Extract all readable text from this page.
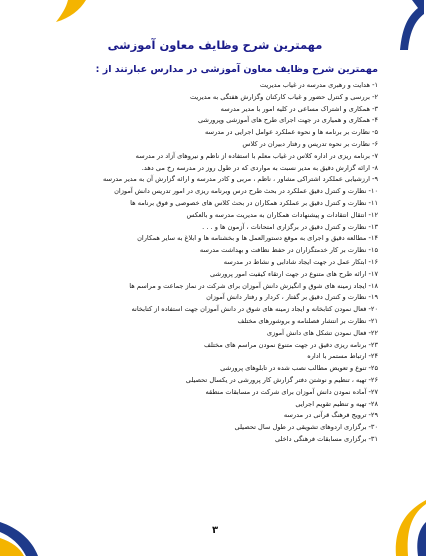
مهمترین شرح وظایف معاون آموزشی
مهمترین شرح وظایف معاون آموزشی در مدارس عبارتند از :
۱- هدایت و رهبری مدرسه در غیاب مدیریت
۲- بررسی و کنترل حضور و غیاب کارکنان وگزارش هفتگی به مدیریت
۳- همکاری و اشتراک مساعی در کلیه امور با مدیر مدرسه
۴- همکاری و همیاری در جهت اجرای طرح های آموزشی وپرورشی
۵- نظارت بر برنامه ها و نحوه عملکرد عوامل اجرایی در مدرسه
۶- نظارت بر نحوه تدریس و رفتار دبیران در کلاس
۷- برنامه ریزی در اداره کلاس در غیاب معلم با استفاده از ناظم و نیروهای آزاد در مدرسه
۸- ارائه گزارش دقیق به مدیر نسبت به مواردی که در طول روز در مدرسه رخ می دهد.
۹- ارزشیابی عملکرد اشتراکی مشاور ، ناظم ، مربی و کادر مدرسه و ارائه گزارش آن به مدیر مدرسه
۱۰- نظارت و کنترل دقیق عملکرد در بحث طرح درس وبرنامه ریزی در امور تدریس دانش آموزان
۱۱- نظارت و کنترل دقیق بر عملکرد همکاران در بحث کلاس های خصوصی و فوق برنامه ها
۱۲- انتقال انتقادات و پیشنهادات همکاران به مدیریت مدرسه و بالعکس
۱۳- نظارت و کنترل دقیق در برگزاری امتحانات ، آزمون ها و . . .
۱۴- مطالعه دقیق و اجرای به موقع دستورالعمل ها و بخشنامه ها و ابلاغ به سایر همکاران
۱۵- نظارت بر کار خدمتگزاران در حفظ نظافت و بهداشت مدرسه
۱۶- ابتکار عمل در جهت ایجاد شادابی و نشاط در مدرسه
۱۷- ارائه طرح های متنوع در جهت ارتقاء کیفیت امور پرورشی
۱۸- ایجاد زمینه های شوق و انگیزش دانش آموزان برای شرکت در نماز جماعت و مراسم ها
۱۹- نظارت و کنترل دقیق بر گفتار ، کردار و رفتار دانش آموزان
۲۰- فعال نمودن کتابخانه و ایجاد زمینه های شوق در دانش آموزان جهت استفاده از کتابخانه
۲۱- نظارت بر انتشار فصلنامه و بروشورهای مختلف
۲۲- فعال نمودن تشکل های دانش آموزی
۲۳- برنامه ریزی دقیق در جهت متنوع نمودن مراسم های مختلف
۲۴- ارتباط مستمر با اداره
۲۵- تنوع و تعویض مطالب نصب شده در تابلوهای پرورشی
۲۶- تهیه ، تنظیم و نوشتن دفتر گزارش کار پرورشی در یکسال تحصیلی
۲۷- آماده نمودن دانش آموزان برای شرکت در مسابقات منطقه
۲۸- تهیه و تنظیم تقویم اجرایی
۲۹- ترویج فرهنگ قرآنی در مدرسه
۳۰- برگزاری اردوهای تشویقی در طول سال تحصیلی
۳۱- برگزاری مسابقات فرهنگی داخلی
۳
